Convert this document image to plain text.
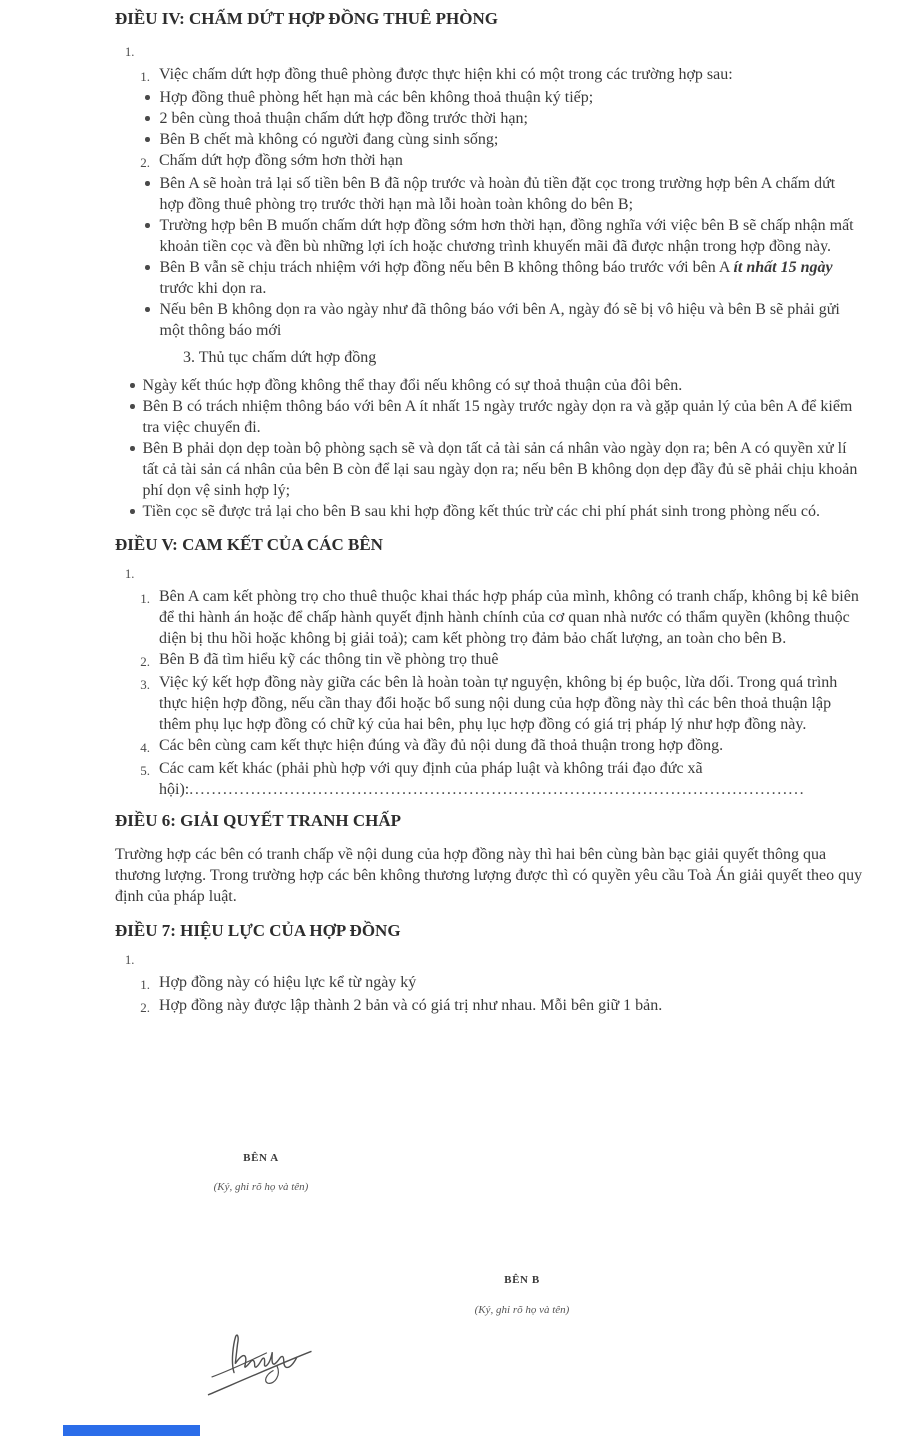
ĐIỀU IV: CHẤM DỨT HỢP ĐỒNG THUÊ PHÒNG
1.
1. Việc chấm dứt hợp đồng thuê phòng được thực hiện khi có một trong các trường hợp sau:
Hợp đồng thuê phòng hết hạn mà các bên không thoả thuận ký tiếp;
2 bên cùng thoả thuận chấm dứt hợp đồng trước thời hạn;
Bên B chết mà không có người đang cùng sinh sống;
2. Chấm dứt hợp đồng sớm hơn thời hạn
Bên A sẽ hoàn trả lại số tiền bên B đã nộp trước và hoàn đủ tiền đặt cọc trong trường hợp bên A chấm dứt hợp đồng thuê phòng trọ trước thời hạn mà lỗi hoàn toàn không do bên B;
Trường hợp bên B muốn chấm dứt hợp đồng sớm hơn thời hạn, đồng nghĩa với việc bên B sẽ chấp nhận mất khoản tiền cọc và đền bù những lợi ích hoặc chương trình khuyến mãi đã được nhận trong hợp đồng này.
Bên B vẫn sẽ chịu trách nhiệm với hợp đồng nếu bên B không thông báo trước với bên A ít nhất 15 ngày trước khi dọn ra.
Nếu bên B không dọn ra vào ngày như đã thông báo với bên A, ngày đó sẽ bị vô hiệu và bên B sẽ phải gửi một thông báo mới
3. Thủ tục chấm dứt hợp đồng
Ngày kết thúc hợp đồng không thể thay đổi nếu không có sự thoả thuận của đôi bên.
Bên B có trách nhiệm thông báo với bên A ít nhất 15 ngày trước ngày dọn ra và gặp quản lý của bên A để kiểm tra việc chuyển đi.
Bên B phải dọn dẹp toàn bộ phòng sạch sẽ và dọn tất cả tài sản cá nhân vào ngày dọn ra; bên A có quyền xử lí tất cả tài sản cá nhân của bên B còn để lại sau ngày dọn ra; nếu bên B không dọn dẹp đầy đủ sẽ phải chịu khoản phí dọn vệ sinh hợp lý;
Tiền cọc sẽ được trả lại cho bên B sau khi hợp đồng kết thúc trừ các chi phí phát sinh trong phòng nếu có.
ĐIỀU V: CAM KẾT CỦA CÁC BÊN
1.
1. Bên A cam kết phòng trọ cho thuê thuộc khai thác hợp pháp của mình, không có tranh chấp, không bị kê biên để thi hành án hoặc để chấp hành quyết định hành chính của cơ quan nhà nước có thẩm quyền (không thuộc diện bị thu hồi hoặc không bị giải toả); cam kết phòng trọ đảm bảo chất lượng, an toàn cho bên B.
2. Bên B đã tìm hiểu kỹ các thông tin về phòng trọ thuê
3. Việc ký kết hợp đồng này giữa các bên là hoàn toàn tự nguyện, không bị ép buộc, lừa dối. Trong quá trình thực hiện hợp đồng, nếu cần thay đổi hoặc bổ sung nội dung của hợp đồng này thì các bên thoả thuận lập thêm phụ lục hợp đồng có chữ ký của hai bên, phụ lục hợp đồng có giá trị pháp lý như hợp đồng này.
4. Các bên cùng cam kết thực hiện đúng và đầy đủ nội dung đã thoả thuận trong hợp đồng.
5. Các cam kết khác (phải phù hợp với quy định của pháp luật và không trái đạo đức xã hội):..............................................................................................................
ĐIỀU 6: GIẢI QUYẾT TRANH CHẤP

Trường hợp các bên có tranh chấp về nội dung của hợp đồng này thì hai bên cùng bàn bạc giải quyết thông qua thương lượng. Trong trường hợp các bên không thương lượng được thì có quyền yêu cầu Toà Án giải quyết theo quy định của pháp luật.

ĐIỀU 7: HIỆU LỰC CỦA HỢP ĐỒNG
1.
1. Hợp đồng này có hiệu lực kể từ ngày ký
2. Hợp đồng này được lập thành 2 bản và có giá trị như nhau. Mỗi bên giữ 1 bản.
BÊN A
(Ký, ghi rõ họ và tên)
BÊN B
(Ký, ghi rõ họ và tên)
